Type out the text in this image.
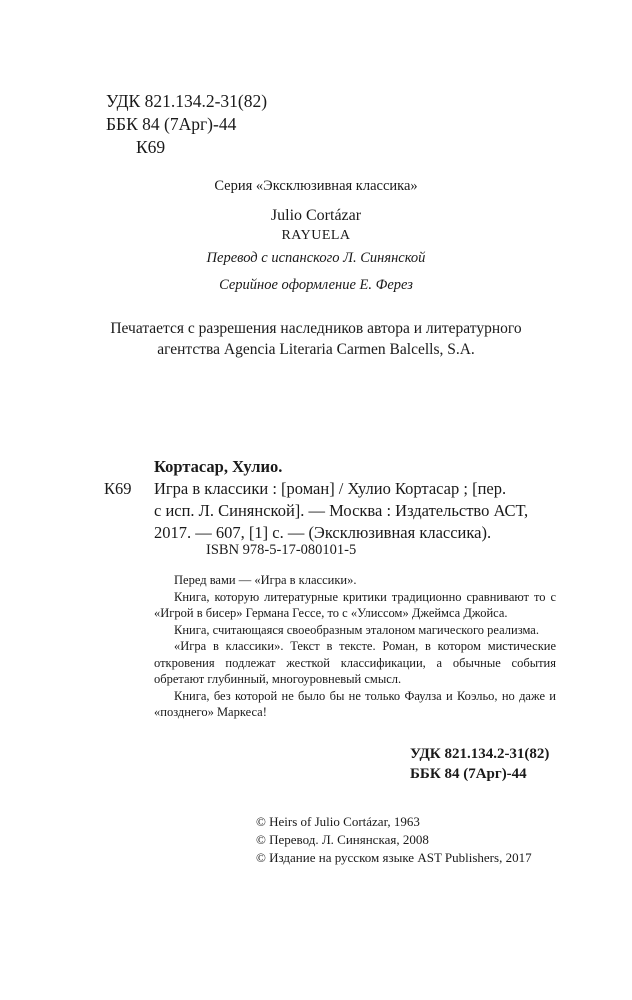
УДК 821.134.2-31(82)
ББК 84 (7Арг)-44
К69
Серия «Эксклюзивная классика»
Julio Cortázar
RAYUELA
Перевод с испанского Л. Синянской
Серийное оформление Е. Ферез
Печатается с разрешения наследников автора и литературного
агентства Agencia Literaria Carmen Balcells, S.A.
Кортасар, Хулио.
К69	Игра в классики : [роман] / Хулио Кортасар ; [пер.
с исп. Л. Синянской]. — Москва : Издательство АСТ,
2017. — 607, [1] с. — (Эксклюзивная классика).
ISBN 978-5-17-080101-5

Перед вами — «Игра в классики».

Книга, которую литературные критики традиционно сравнивают то с «Игрой в бисер» Германа Гессе, то с «Улиссом» Джеймса Джойса.

Книга, считающаяся своеобразным эталоном магического реализма.

«Игра в классики». Текст в тексте. Роман, в котором мистические откровения подлежат жесткой классификации, а обычные события обретают глубинный, многоуровневый смысл.

Книга, без которой не было бы не только Фаулза и Коэльо, но даже и «позднего» Маркеса!

УДК 821.134.2-31(82)
ББК 84 (7Арг)-44
© Heirs of Julio Cortázar, 1963
© Перевод. Л. Синянская, 2008
© Издание на русском языке AST Publishers, 2017
